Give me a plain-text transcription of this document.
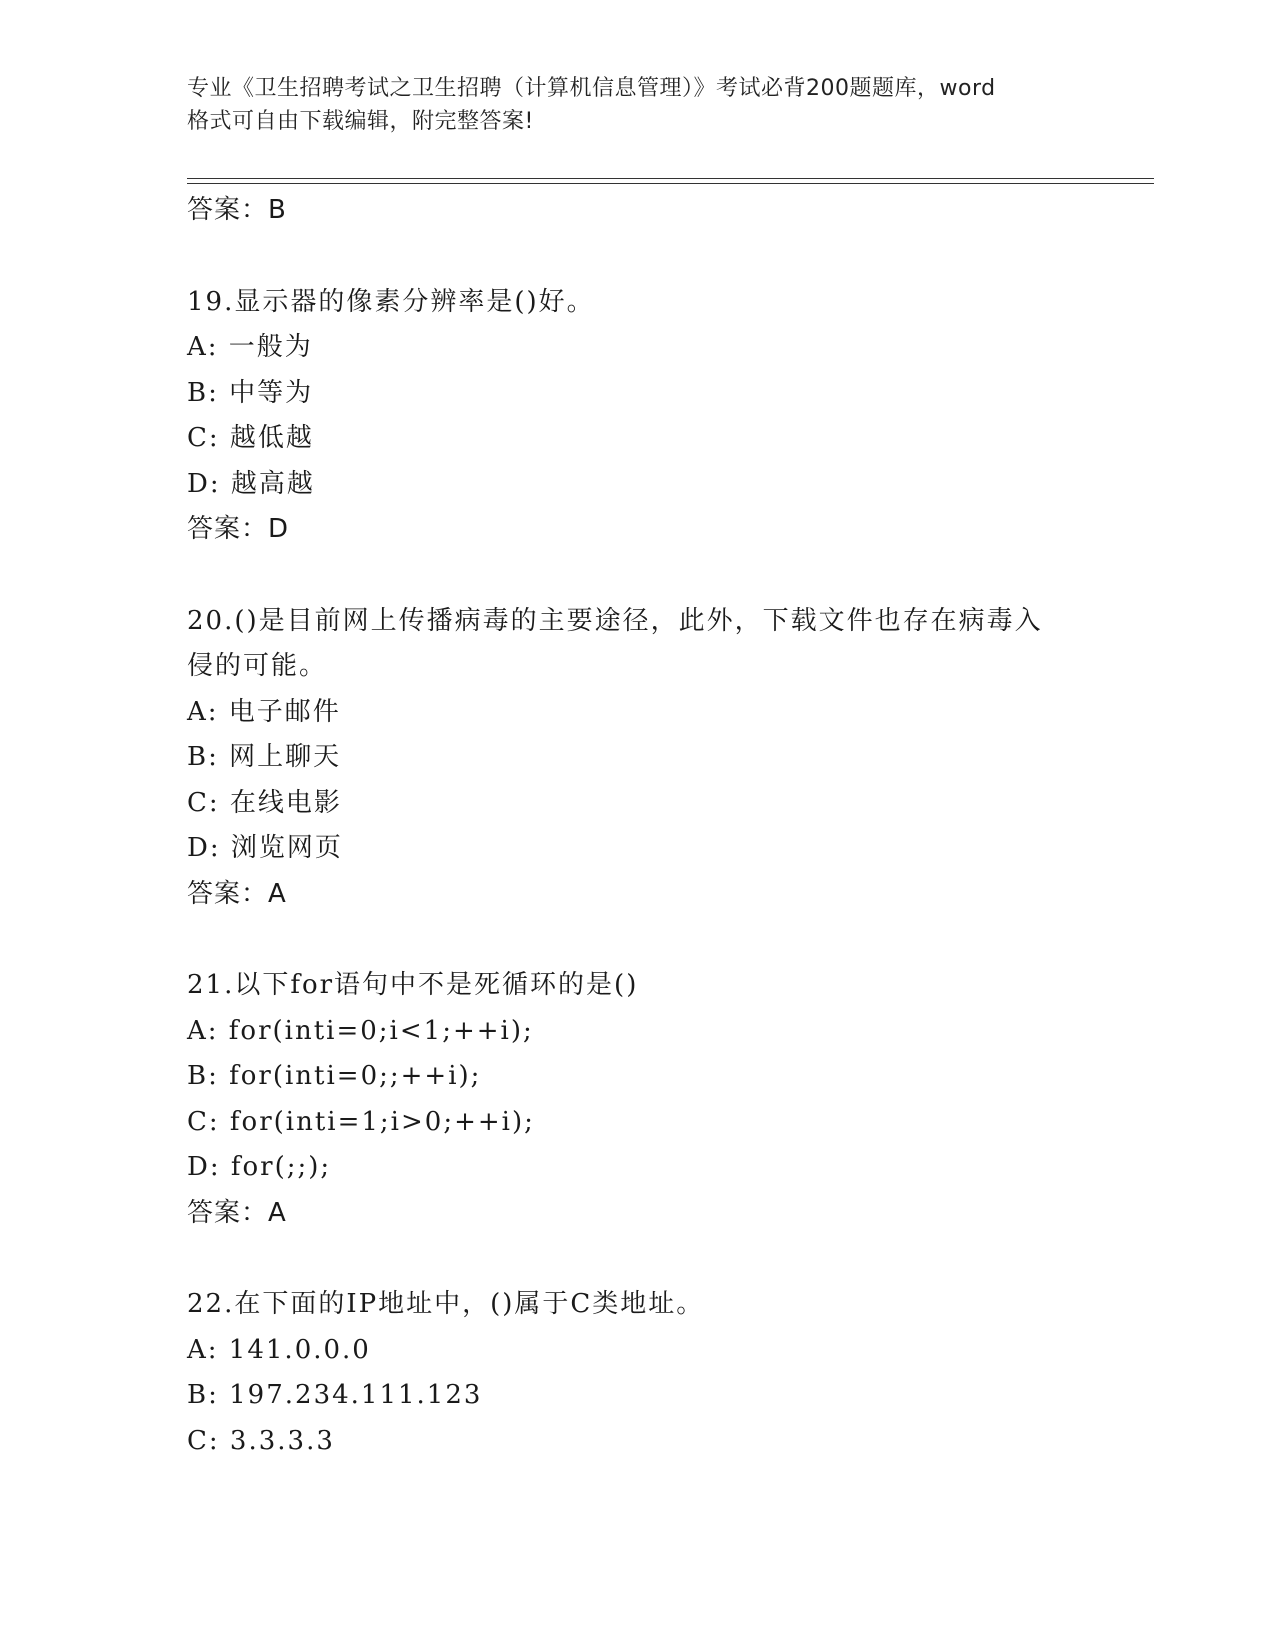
专业《卫生招聘考试之卫生招聘（计算机信息管理）》考试必背200题题库，word
格式可自由下载编辑，附完整答案!
答案：B
19.显示器的像素分辨率是()好。
A: 一般为
B: 中等为
C: 越低越
D: 越高越
答案：D
20.()是目前网上传播病毒的主要途径，此外，下载文件也存在病毒入
侵的可能。
A: 电子邮件
B: 网上聊天
C: 在线电影
D: 浏览网页
答案：A
21.以下for语句中不是死循环的是()
A: for(inti=0;i<1;++i);
B: for(inti=0;;++i);
C: for(inti=1;i>0;++i);
D: for(;;);
答案：A
22.在下面的IP地址中，()属于C类地址。
A: 141.0.0.0
B: 197.234.111.123
C: 3.3.3.3
